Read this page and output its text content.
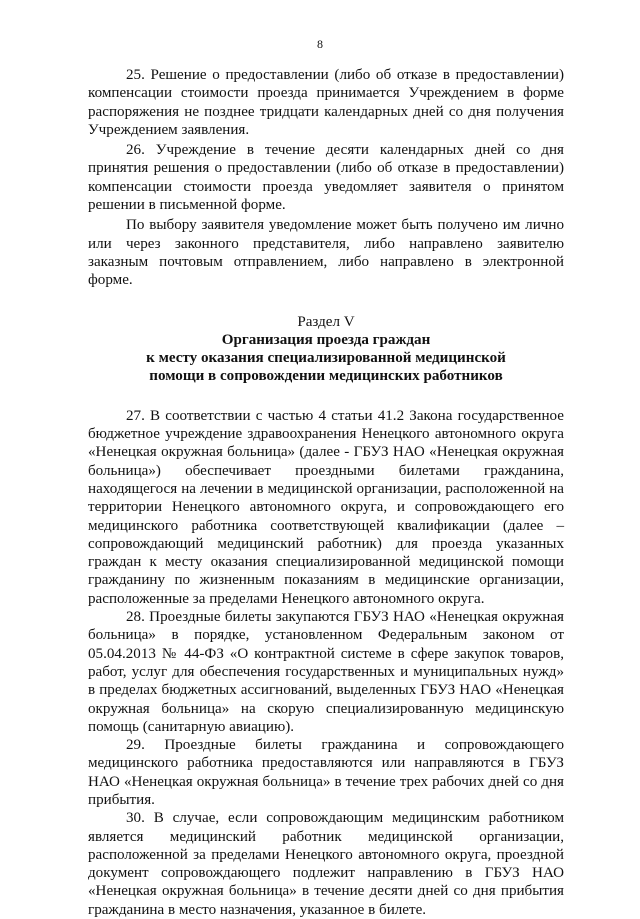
8

25. Решение о предоставлении (либо об отказе в предоставлении) компенсации стоимости проезда принимается Учреждением в форме распоряжения не позднее тридцати календарных дней со дня получения Учреждением заявления.

26. Учреждение в течение десяти календарных дней со дня принятия решения о предоставлении (либо об отказе в предоставлении) компенсации стоимости проезда уведомляет заявителя о принятом решении в письменной форме.

По выбору заявителя уведомление может быть получено им лично или через законного представителя, либо направлено заявителю заказным почтовым отправлением, либо направлено в электронной форме.

Раздел V
Организация проезда граждан
к месту оказания специализированной медицинской
помощи в сопровождении медицинских работников

27. В соответствии с частью 4 статьи 41.2 Закона государственное бюджетное учреждение здравоохранения Ненецкого автономного округа «Ненецкая окружная больница» (далее - ГБУЗ НАО «Ненецкая окружная больница») обеспечивает проездными билетами гражданина, находящегося на лечении в медицинской организации, расположенной на территории Ненецкого автономного округа, и сопровождающего его медицинского работника соответствующей квалификации (далее – сопровождающий медицинский работник) для проезда указанных граждан к месту оказания специализированной медицинской помощи гражданину по жизненным показаниям в медицинские организации, расположенные за пределами Ненецкого автономного округа.

28. Проездные билеты закупаются ГБУЗ НАО «Ненецкая окружная больница» в порядке, установленном Федеральным законом от 05.04.2013 № 44-ФЗ «О контрактной системе в сфере закупок товаров, работ, услуг для обеспечения государственных и муниципальных нужд» в пределах бюджетных ассигнований, выделенных ГБУЗ НАО «Ненецкая окружная больница» на скорую специализированную медицинскую помощь (санитарную авиацию).

29. Проездные билеты гражданина и сопровождающего медицинского работника предоставляются или направляются в ГБУЗ НАО «Ненецкая окружная больница» в течение трех рабочих дней со дня прибытия.

30. В случае, если сопровождающим медицинским работником является медицинский работник медицинской организации, расположенной за пределами Ненецкого автономного округа, проездной документ сопровождающего подлежит направлению в ГБУЗ НАО «Ненецкая окружная больница» в течение десяти дней со дня прибытия гражданина в место назначения, указанное в билете.
